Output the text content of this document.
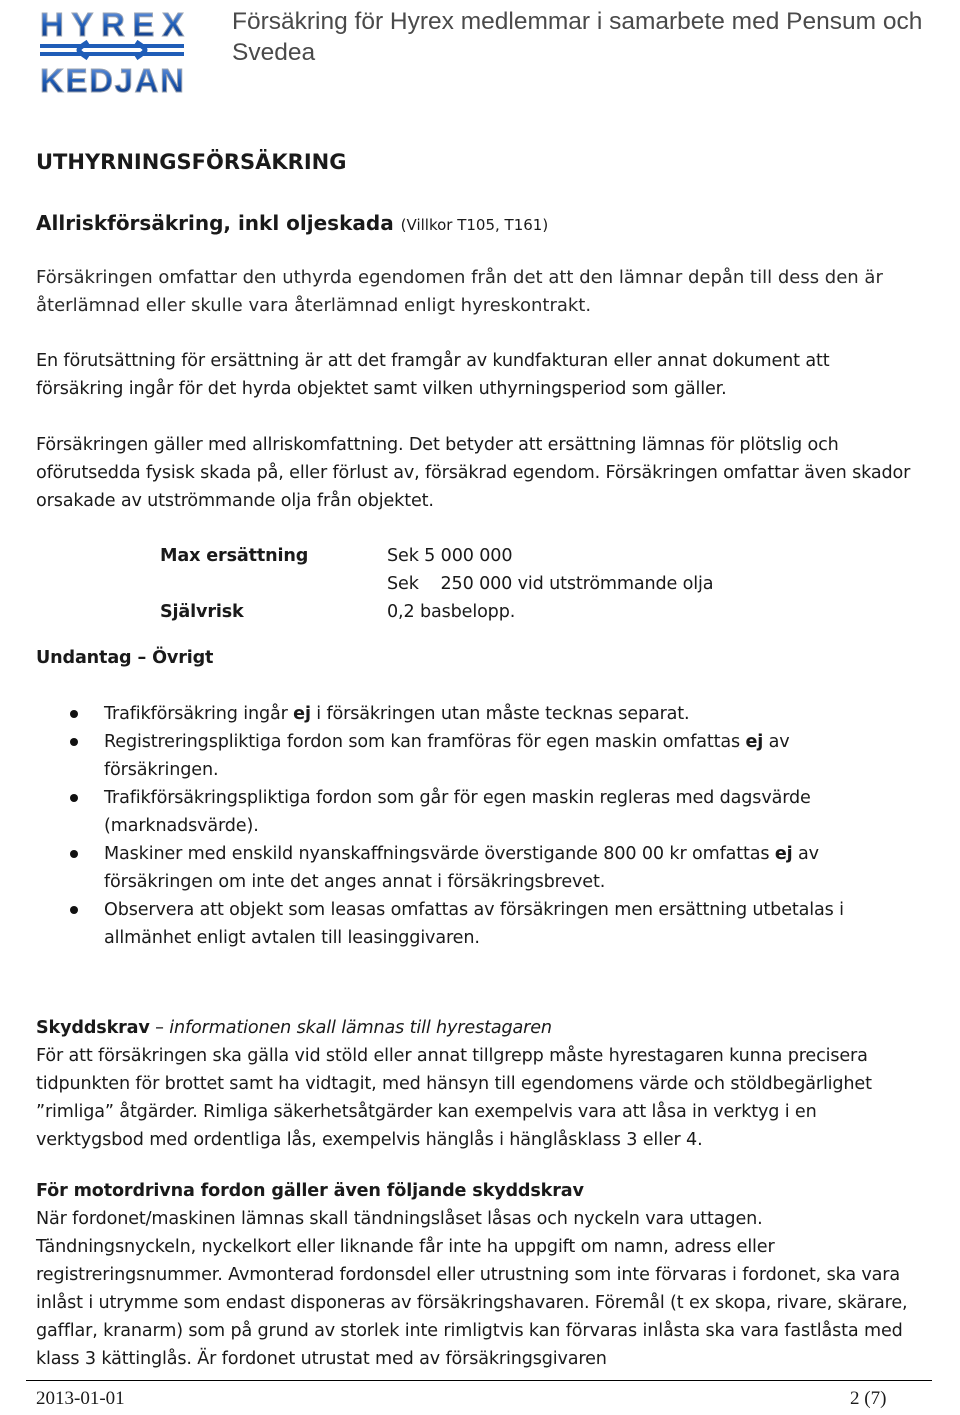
HYREX
KEDJAN
Försäkring för Hyrex medlemmar i samarbete med Pensum och Svedea
UTHYRNINGSFÖRSÄKRING
Allriskförsäkring, inkl oljeskada (Villkor T105, T161)
Försäkringen omfattar den uthyrda egendomen från det att den lämnar depån till dess den är återlämnad eller skulle vara återlämnad enligt hyreskontrakt.
En förutsättning för ersättning är att det framgår av kundfakturan eller annat dokument att försäkring ingår för det hyrda objektet samt vilken uthyrningsperiod som gäller.
Försäkringen gäller med allriskomfattning. Det betyder att ersättning lämnas för plötslig och oförutsedda fysisk skada på, eller förlust av, försäkrad egendom. Försäkringen omfattar även skador orsakade av utströmmande olja från objektet.
Max ersättning	Sek 5 000 000
Sek    250 000 vid utströmmande olja
Självrisk	0,2 basbelopp.
Undantag – Övrigt
Trafikförsäkring ingår ej i försäkringen utan måste tecknas separat.
Registreringspliktiga fordon som kan framföras för egen maskin omfattas ej av försäkringen.
Trafikförsäkringspliktiga fordon som går för egen maskin regleras med dagsvärde (marknadsvärde).
Maskiner med enskild nyanskaffningsvärde överstigande 800 00 kr omfattas ej av försäkringen om inte det anges annat i försäkringsbrevet.
Observera att objekt som leasas omfattas av försäkringen men ersättning utbetalas i allmänhet enligt avtalen till leasinggivaren.
Skyddskrav – informationen skall lämnas till hyrestagaren
För att försäkringen ska gälla vid stöld eller annat tillgrepp måste hyrestagaren kunna precisera tidpunkten för brottet samt ha vidtagit, med hänsyn till egendomens värde och stöldbegärlighet ”rimliga” åtgärder. Rimliga säkerhetsåtgärder kan exempelvis vara att låsa in verktyg i en verktygsbod med ordentliga lås, exempelvis hänglås i hänglåsklass 3 eller 4.
För motordrivna fordon gäller även följande skyddskrav
När fordonet/maskinen lämnas skall tändningslåset låsas och nyckeln vara uttagen. Tändningsnyckeln, nyckelkort eller liknande får inte ha uppgift om namn, adress eller registreringsnummer. Avmonterad fordonsdel eller utrustning som inte förvaras i fordonet, ska vara inlåst i utrymme som endast disponeras av försäkringshavaren. Föremål (t ex skopa, rivare, skärare, gafflar, kranarm) som på grund av storlek inte rimligtvis kan förvaras inlåsta ska vara fastlåsta med klass 3 kättinglås. Är fordonet utrustat med av försäkringsgivaren
2013-01-01	2 (7)
